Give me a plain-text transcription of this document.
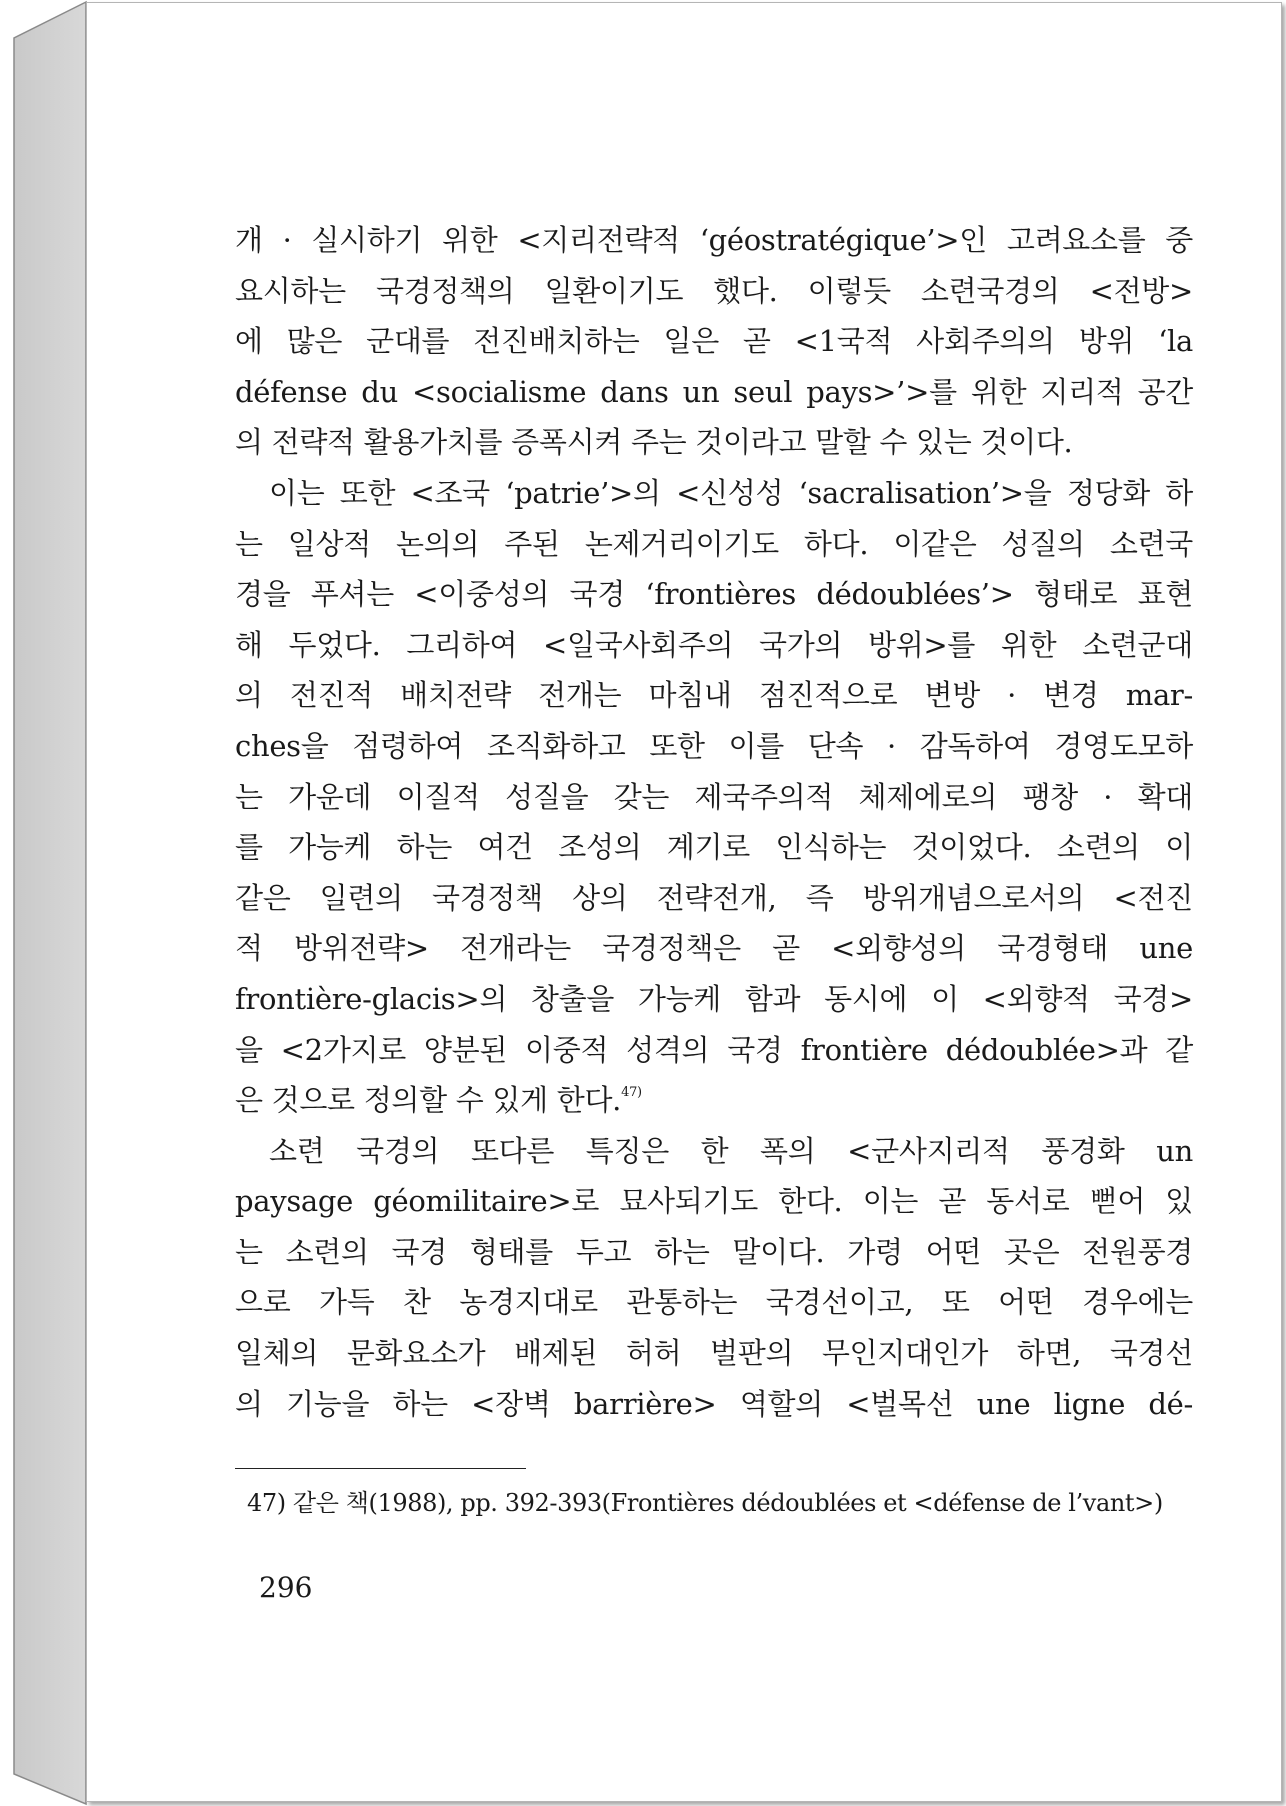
개 · 실시하기 위한 <지리전략적 ‘géostratégique’>인 고려요소를 중
요시하는 국경정책의 일환이기도 했다. 이렇듯 소련국경의 <전방>
에 많은 군대를 전진배치하는 일은 곧 <1국적 사회주의의 방위 ‘la
défense du <socialisme dans un seul pays>’>를 위한 지리적 공간
의 전략적 활용가치를 증폭시켜 주는 것이라고 말할 수 있는 것이다.
이는 또한 <조국 ‘patrie’>의 <신성성 ‘sacralisation’>을 정당화 하
는 일상적 논의의 주된 논제거리이기도 하다. 이같은 성질의 소련국
경을 푸셔는 <이중성의 국경 ‘frontières dédoublées’> 형태로 표현
해 두었다. 그리하여 <일국사회주의 국가의 방위>를 위한 소련군대
의 전진적 배치전략 전개는 마침내 점진적으로 변방 · 변경 mar-
ches을 점령하여 조직화하고 또한 이를 단속 · 감독하여 경영도모하
는 가운데 이질적 성질을 갖는 제국주의적 체제에로의 팽창 · 확대
를 가능케 하는 여건 조성의 계기로 인식하는 것이었다. 소련의 이
같은 일련의 국경정책 상의 전략전개, 즉 방위개념으로서의 <전진
적 방위전략> 전개라는 국경정책은 곧 <외향성의 국경형태 une
frontière-glacis>의 창출을 가능케 함과 동시에 이 <외향적 국경>
을 <2가지로 양분된 이중적 성격의 국경 frontière dédoublée>과 같
은 것으로 정의할 수 있게 한다.$^{47)}$
소련 국경의 또다른 특징은 한 폭의 <군사지리적 풍경화 un
paysage géomilitaire>로 묘사되기도 한다. 이는 곧 동서로 뻗어 있
는 소련의 국경 형태를 두고 하는 말이다. 가령 어떤 곳은 전원풍경
으로 가득 찬 농경지대로 관통하는 국경선이고, 또 어떤 경우에는
일체의 문화요소가 배제된 허허 벌판의 무인지대인가 하면, 국경선
의 기능을 하는 <장벽 barrière> 역할의 <벌목선 une ligne dé-
47) 같은 책(1988), pp. 392-393(Frontières dédoublées et <défense de l’vant>)
296
